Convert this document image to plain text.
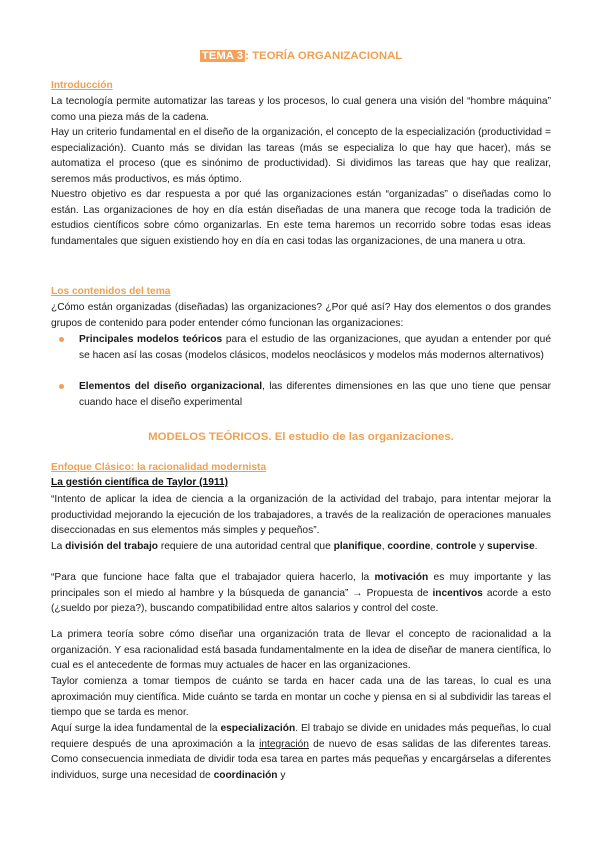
TEMA 3 : TEORÍA ORGANIZACIONAL
Introducción

La tecnología permite automatizar las tareas y los procesos, lo cual genera una visión del “hombre máquina” como una pieza más de la cadena.

Hay un criterio fundamental en el diseño de la organización, el concepto de la especialización (productividad = especialización). Cuanto más se dividan las tareas (más se especializa lo que hay que hacer), más se automatiza el proceso (que es sinónimo de productividad). Si dividimos las tareas que hay que realizar, seremos más productivos, es más óptimo.

Nuestro objetivo es dar respuesta a por qué las organizaciones están “organizadas” o diseñadas como lo están. Las organizaciones de hoy en día están diseñadas de una manera que recoge toda la tradición de estudios científicos sobre cómo organizarlas. En este tema haremos un recorrido sobre todas esas ideas fundamentales que siguen existiendo hoy en día en casi todas las organizaciones, de una manera u otra.

Los contenidos del tema

¿Cómo están organizadas (diseñadas) las organizaciones? ¿Por qué así? Hay dos elementos o dos grandes grupos de contenido para poder entender cómo funcionan las organizaciones:

Principales modelos teóricos para el estudio de las organizaciones, que ayudan a entender por qué se hacen así las cosas (modelos clásicos, modelos neoclásicos y modelos más modernos alternativos)
Elementos del diseño organizacional, las diferentes dimensiones en las que uno tiene que pensar cuando hace el diseño experimental
MODELOS TEÓRICOS. El estudio de las organizaciones.
Enfoque Clásico: la racionalidad modernista
La gestión científica de Taylor (1911)

“Intento de aplicar la idea de ciencia a la organización de la actividad del trabajo, para intentar mejorar la productividad mejorando la ejecución de los trabajadores, a través de la realización de operaciones manuales diseccionadas en sus elementos más simples y pequeños”.

La división del trabajo requiere de una autoridad central que planifique, coordine, controle y supervise.

“Para que funcione hace falta que el trabajador quiera hacerlo, la motivación es muy importante y las principales son el miedo al hambre y la búsqueda de ganancia” → Propuesta de incentivos acorde a esto (¿sueldo por pieza?), buscando compatibilidad entre altos salarios y control del coste.

La primera teoría sobre cómo diseñar una organización trata de llevar el concepto de racionalidad a la organización. Y esa racionalidad está basada fundamentalmente en la idea de diseñar de manera científica, lo cual es el antecedente de formas muy actuales de hacer en las organizaciones.

Taylor comienza a tomar tiempos de cuánto se tarda en hacer cada una de las tareas, lo cual es una aproximación muy científica. Mide cuánto se tarda en montar un coche y piensa en si al subdividir las tareas el tiempo que se tarda es menor.

Aquí surge la idea fundamental de la especialización. El trabajo se divide en unidades más pequeñas, lo cual requiere después de una aproximación a la integración de nuevo de esas salidas de las diferentes tareas. Como consecuencia inmediata de dividir toda esa tarea en partes más pequeñas y encargárselas a diferentes individuos, surge una necesidad de coordinación y
